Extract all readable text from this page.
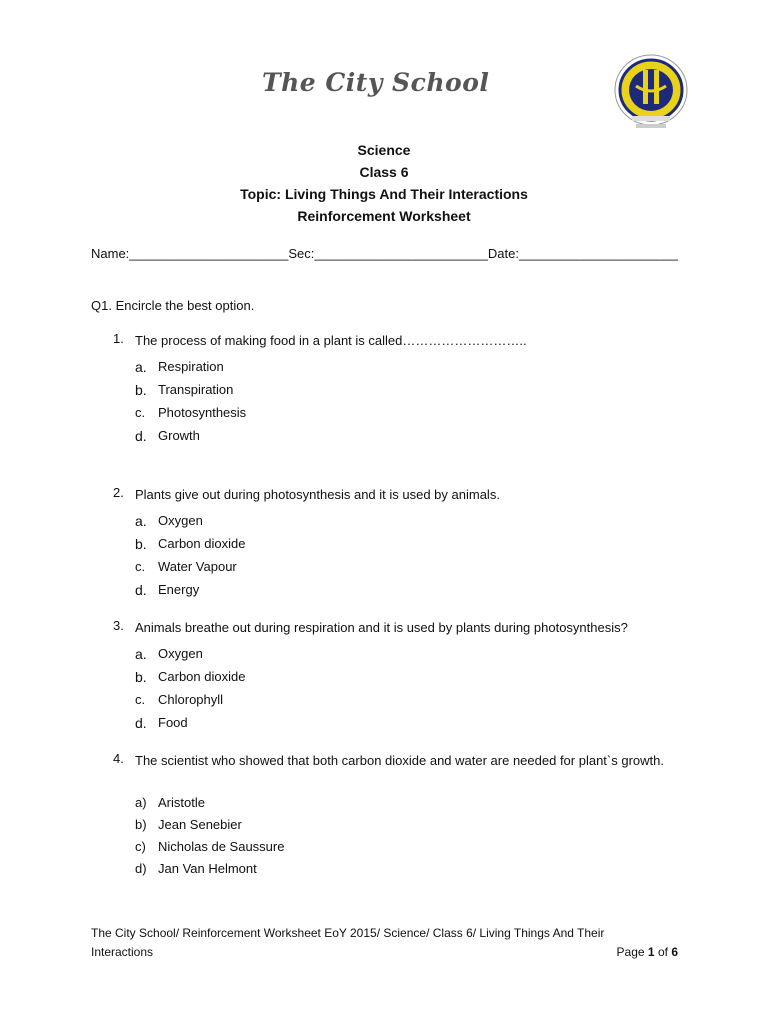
The City School
Science
Class 6
Topic: Living Things And Their Interactions
Reinforcement Worksheet
Name:______________________Sec:________________________Date:______________________
Q1. Encircle the best option.
1. The process of making food in a plant is called………………………..
a. Respiration
b. Transpiration
c. Photosynthesis
d. Growth
2. Plants give out during photosynthesis and it is used by animals.
a. Oxygen
b. Carbon dioxide
c. Water Vapour
d. Energy
3. Animals breathe out during respiration and it is used by plants during photosynthesis?
a. Oxygen
b. Carbon dioxide
c. Chlorophyll
d. Food
4. The scientist who showed that both carbon dioxide and water are needed for plant`s growth.
a) Aristotle
b) Jean Senebier
c) Nicholas de Saussure
d) Jan Van Helmont
The City School/ Reinforcement Worksheet EoY 2015/ Science/ Class 6/ Living Things And Their Interactions	Page 1 of 6
